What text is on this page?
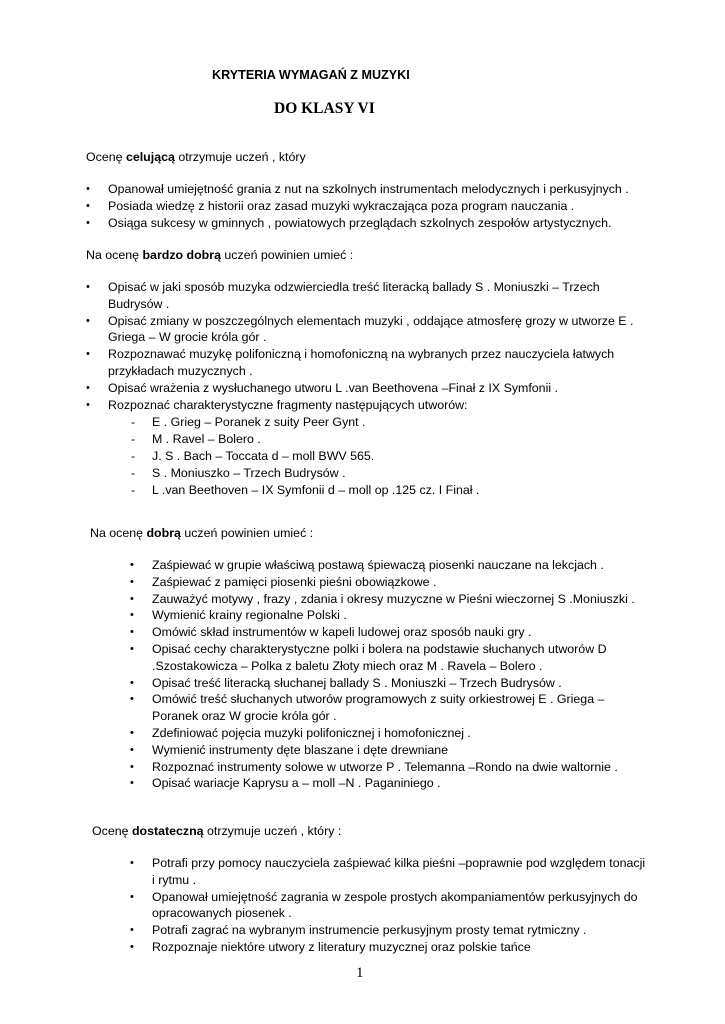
KRYTERIA WYMAGAŃ Z MUZYKI
DO KLASY VI
Ocenę celującą otrzymuje uczeń , który
• Opanował umiejętność grania z nut na szkolnych instrumentach melodycznych i perkusyjnych .
• Posiada wiedzę z historii oraz zasad muzyki wykraczająca poza program nauczania .
• Osiąga sukcesy w gminnych , powiatowych przeglądach szkolnych zespołów artystycznych.
Na ocenę bardzo dobrą uczeń powinien umieć :
• Opisać w jaki sposób muzyka odzwierciedla treść literacką ballady S . Moniuszki – Trzech
Budrysów .
• Opisać zmiany w poszczególnych elementach muzyki , oddające atmosferę grozy w utworze E .
Griega – W grocie króla gór .
• Rozpoznawać muzykę polifoniczną i homofoniczną na wybranych przez nauczyciela łatwych
przykładach muzycznych .
• Opisać wrażenia z wysłuchanego utworu L .van Beethovena –Finał z IX Symfonii .
• Rozpoznać charakterystyczne fragmenty następujących utworów:
- E . Grieg – Poranek z suity Peer Gynt .
- M . Ravel – Bolero .
- J. S . Bach – Toccata d – moll BWV 565.
- S . Moniuszko – Trzech Budrysów .
- L .van Beethoven – IX Symfonii d – moll op .125 cz. I Finał .
Na ocenę dobrą uczeń powinien umieć :
• Zaśpiewać w grupie właściwą postawą śpiewaczą piosenki nauczane na lekcjach .
• Zaśpiewać z pamięci piosenki pieśni obowiązkowe .
• Zauważyć motywy , frazy , zdania i okresy muzyczne w Pieśni wieczornej S .Moniuszki .
• Wymienić krainy regionalne Polski .
• Omówić skład instrumentów w kapeli ludowej oraz sposób nauki gry .
• Opisać cechy charakterystyczne polki i bolera na podstawie słuchanych utworów D
.Szostakowicza – Polka z baletu Złoty miech oraz M . Ravela – Bolero .
• Opisać treść literacką słuchanej ballady S . Moniuszki – Trzech Budrysów .
• Omówić treść słuchanych utworów programowych z suity orkiestrowej E . Griega –
Poranek oraz W grocie króla gór .
• Zdefiniować pojęcia muzyki polifonicznej i homofonicznej .
• Wymienić instrumenty dęte blaszane i dęte drewniane
• Rozpoznać instrumenty solowe w utworze P . Telemanna –Rondo na dwie waltornie .
• Opisać wariacje Kaprysu a – moll –N . Paganiniego .
Ocenę dostateczną otrzymuje uczeń , który :
• Potrafi przy pomocy nauczyciela zaśpiewać kilka pieśni –poprawnie pod względem tonacji
i rytmu .
• Opanował umiejętność zagrania w zespole prostych akompaniamentów perkusyjnych do
opracowanych piosenek .
• Potrafi zagrać na wybranym instrumencie perkusyjnym prosty temat rytmiczny .
• Rozpoznaje niektóre utwory z literatury muzycznej oraz polskie tańce
1
